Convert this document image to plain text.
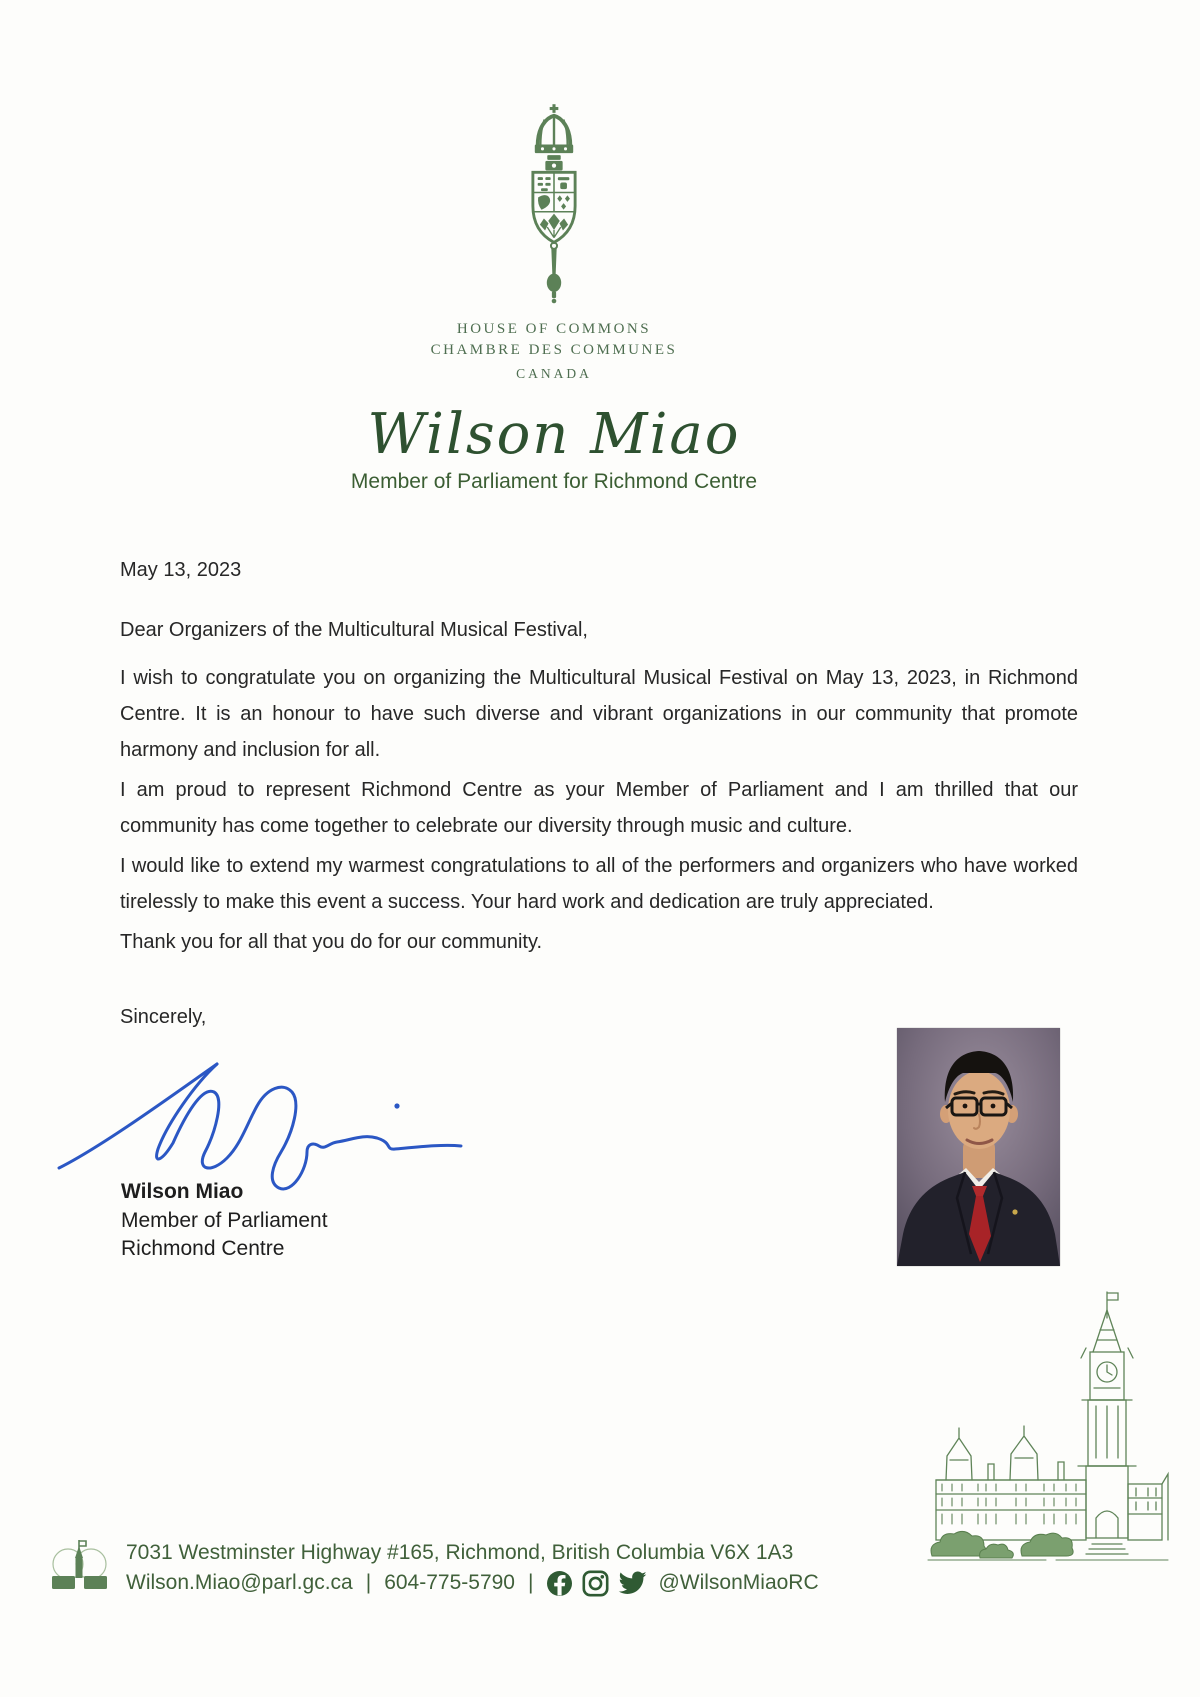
HOUSE OF COMMONS
CHAMBRE DES COMMUNES
CANADA
Wilson Miao
Member of Parliament for Richmond Centre

May 13, 2023

Dear Organizers of the Multicultural Musical Festival,

I wish to congratulate you on organizing the Multicultural Musical Festival on May 13, 2023, in Richmond Centre. It is an honour to have such diverse and vibrant organizations in our community that promote harmony and inclusion for all.

I am proud to represent Richmond Centre as your Member of Parliament and I am thrilled that our community has come together to celebrate our diversity through music and culture.

I would like to extend my warmest congratulations to all of the performers and organizers who have worked tirelessly to make this event a success. Your hard work and dedication are truly appreciated.

Thank you for all that you do for our community.

Sincerely,

Wilson Miao
Member of Parliament
Richmond Centre
7031 Westminster Highway #165, Richmond, British Columbia V6X 1A3
Wilson.Miao@parl.gc.ca | 604-775-5790 |	@WilsonMiaoRC
